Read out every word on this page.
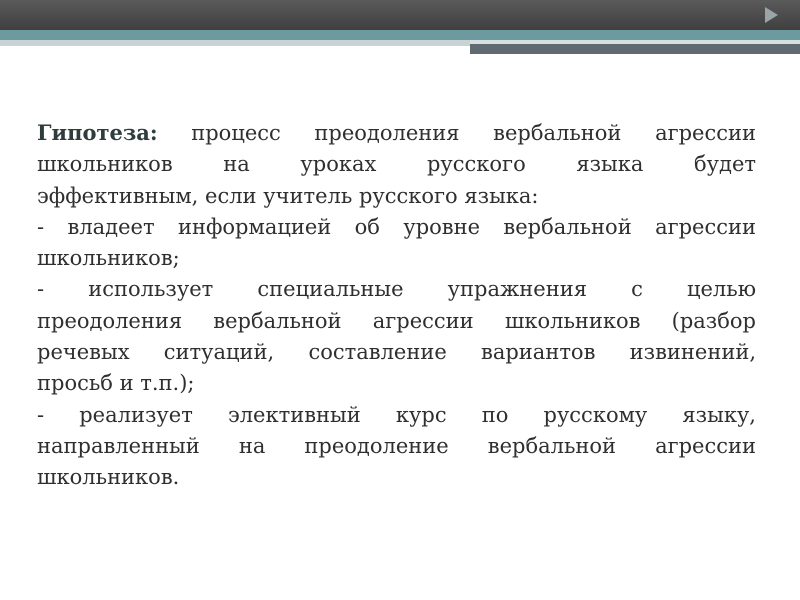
Гипотеза: процесс преодоления вербальной агрессии
школьников на уроках русского языка будет
эффективным, если учитель русского языка:
- владеет информацией об уровне вербальной агрессии
школьников;
- использует специальные упражнения с целью
преодоления вербальной агрессии школьников (разбор
речевых ситуаций, составление вариантов извинений,
просьб и т.п.);
- реализует элективный курс по русскому языку,
направленный на преодоление вербальной агрессии
школьников.
